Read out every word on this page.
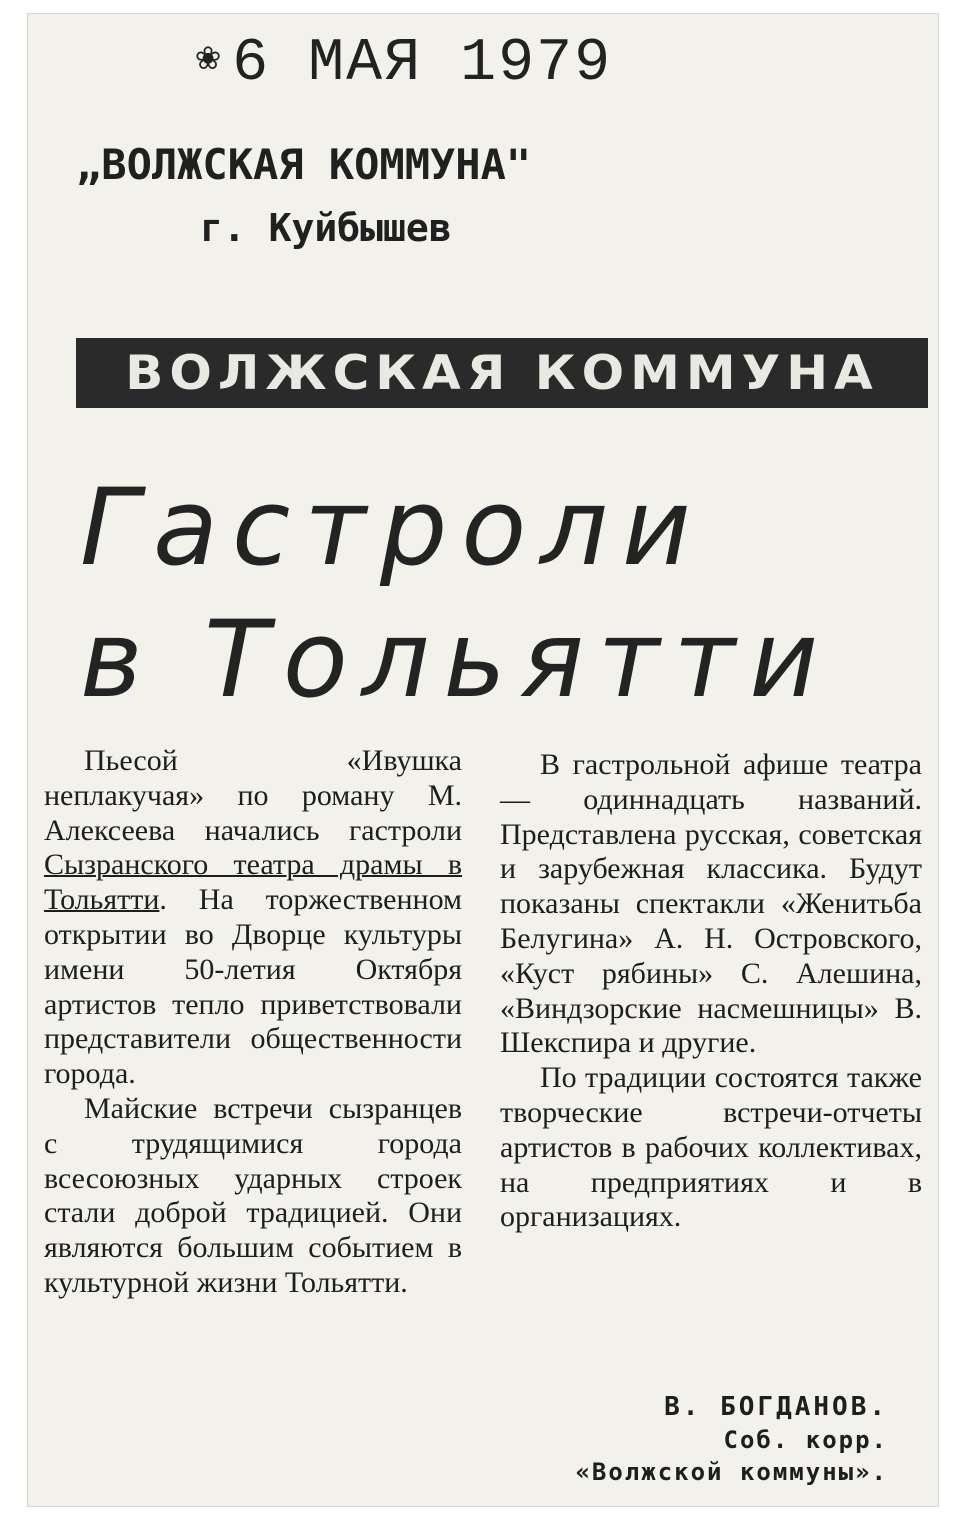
❀ 6 МАЯ 1979
„ВОЛЖСКАЯ КОММУНА"
г. Куйбышев
ВОЛЖСКАЯ КОММУНА
Гастроли
в Тольятти

Пьесой «Ивушка неплакучая» по роману М. Алексеева начались гастроли Сызранского театра драмы в Тольятти. На торжественном открытии во Дворце культуры имени 50-летия Октября артистов тепло приветствовали представители общественности города.

Майские встречи сызранцев с трудящимися города всесоюзных ударных строек стали доброй традицией. Они являются большим событием в культурной жизни Тольятти.

В гастрольной афише театра — одиннадцать названий. Представлена русская, советская и зарубежная классика. Будут показаны спектакли «Женитьба Белугина» А. Н. Островского, «Куст рябины» С. Алешина, «Виндзорские насмешницы» В. Шекспира и другие.

По традиции состоятся также творческие встречи-отчеты артистов в рабочих коллективах, на предприятиях и в организациях.

В. БОГДАНОВ.
Соб. корр.
«Волжской коммуны».
